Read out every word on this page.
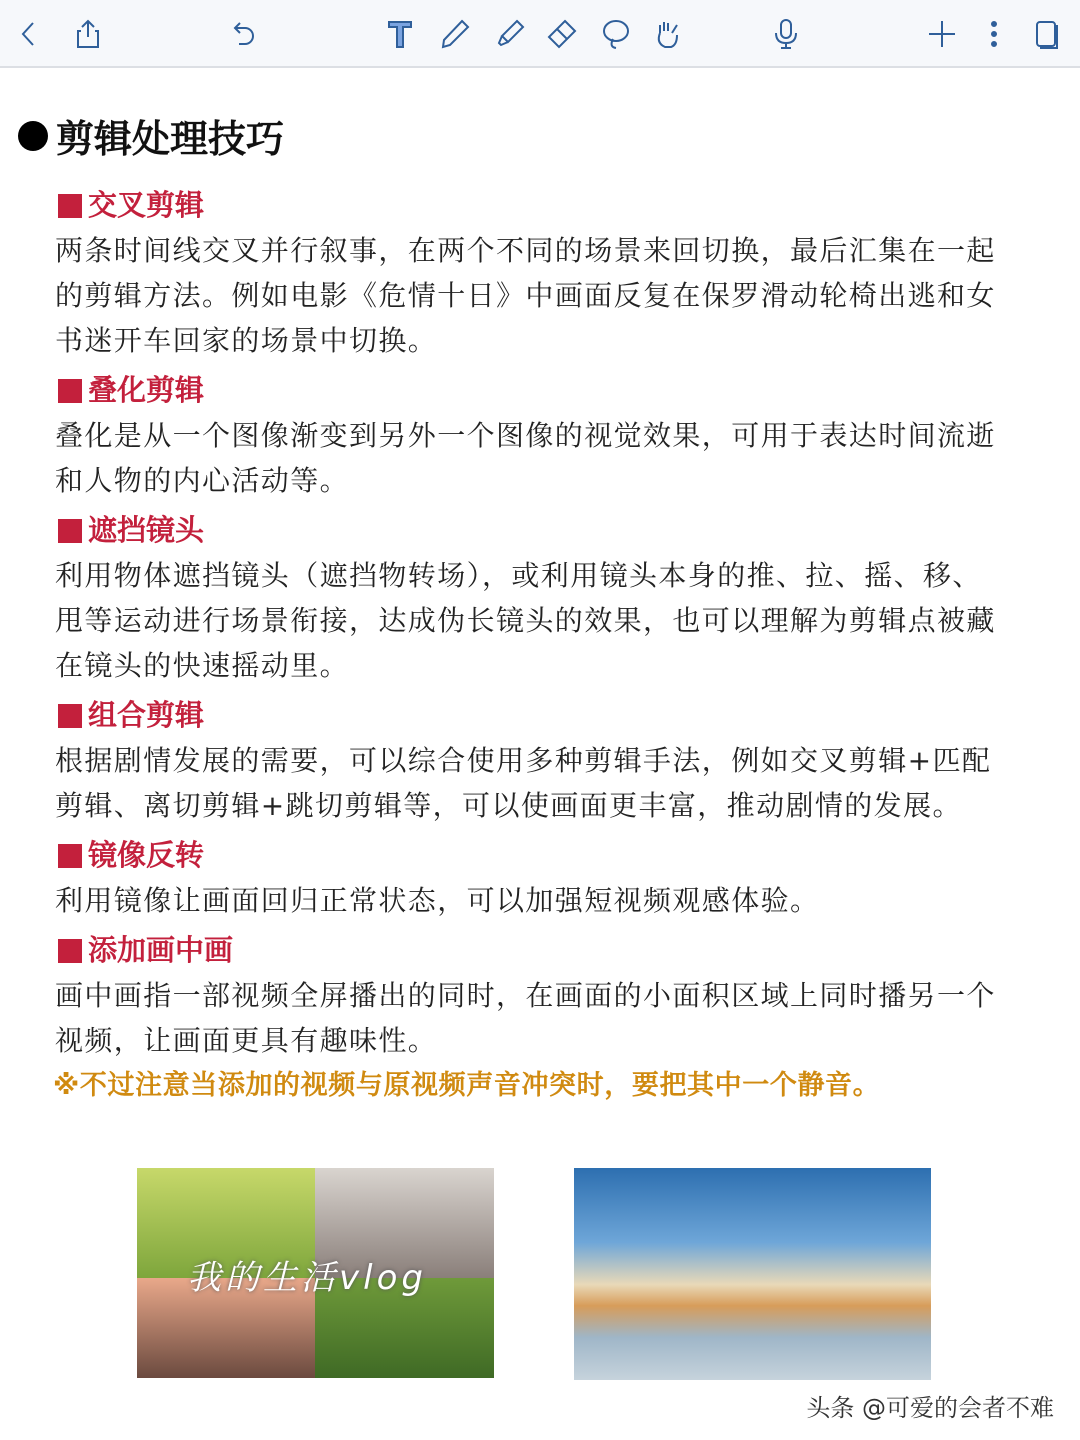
剪辑处理技巧
交叉剪辑
两条时间线交叉并行叙事，在两个不同的场景来回切换，最后汇集在一起
的剪辑方法。例如电影《危情十日》中画面反复在保罗滑动轮椅出逃和女
书迷开车回家的场景中切换。
叠化剪辑
叠化是从一个图像渐变到另外一个图像的视觉效果，可用于表达时间流逝
和人物的内心活动等。
遮挡镜头
利用物体遮挡镜头（遮挡物转场），或利用镜头本身的推、拉、摇、移、
甩等运动进行场景衔接，达成伪长镜头的效果，也可以理解为剪辑点被藏
在镜头的快速摇动里。
组合剪辑
根据剧情发展的需要，可以综合使用多种剪辑手法，例如交叉剪辑+匹配
剪辑、离切剪辑+跳切剪辑等，可以使画面更丰富，推动剧情的发展。
镜像反转
利用镜像让画面回归正常状态，可以加强短视频观感体验。
添加画中画
画中画指一部视频全屏播出的同时，在画面的小面积区域上同时播另一个
视频，让画面更具有趣味性。
※不过注意当添加的视频与原视频声音冲突时，要把其中一个静音。
我的生活vlog
头条 @可爱的会者不难
